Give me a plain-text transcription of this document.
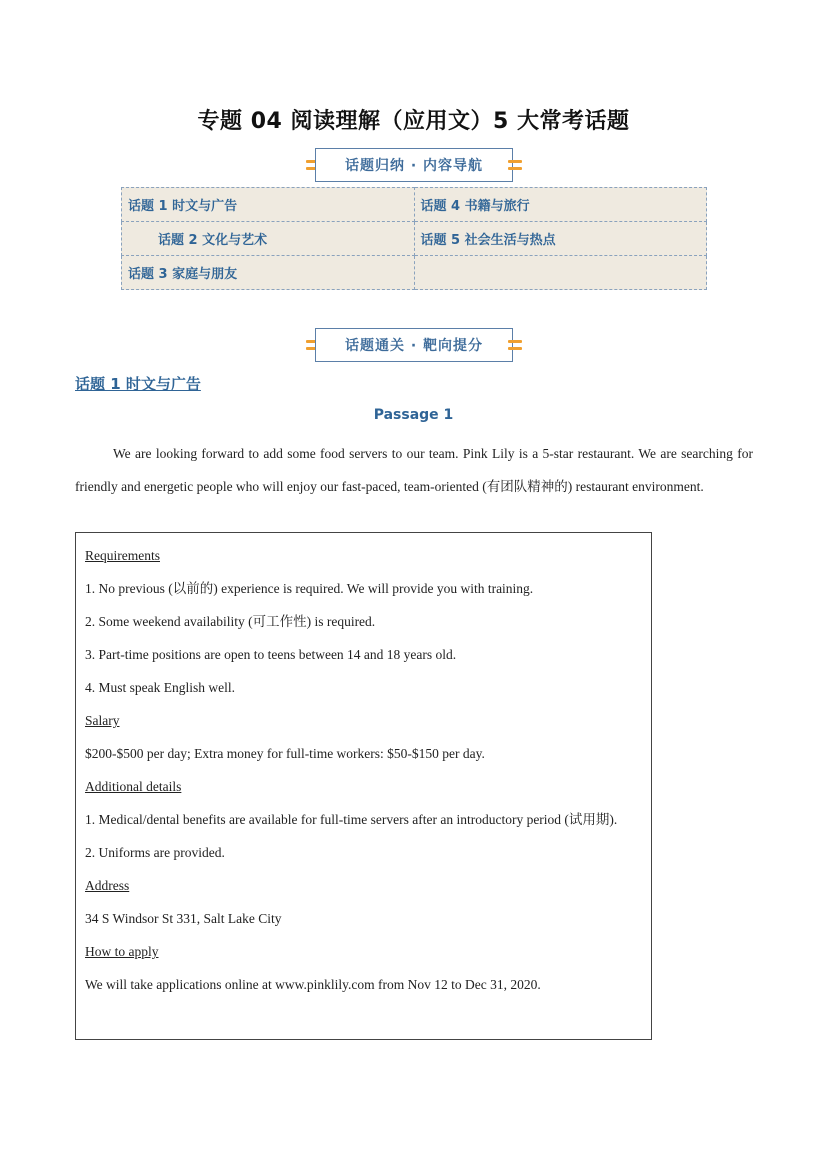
专题 04 阅读理解（应用文）5 大常考话题
话题归纳 · 内容导航
话题 1 时文与广告	话题 4 书籍与旅行
话题 2 文化与艺术	话题 5 社会生活与热点
话题 3 家庭与朋友	
话题通关 · 靶向提分
话题 1 时文与广告
Passage 1

We are looking forward to add some food servers to our team. Pink Lily is a 5-star restaurant. We are searching for friendly and energetic people who will enjoy our fast-paced, team-oriented (有团队精神的) restaurant environment.

Requirements

1. No previous (以前的) experience is required. We will provide you with training.

2. Some weekend availability (可工作性) is required.

3. Part-time positions are open to teens between 14 and 18 years old.

4. Must speak English well.

Salary

$200-$500 per day; Extra money for full-time workers: $50-$150 per day.

Additional details

1. Medical/dental benefits are available for full-time servers after an introductory period (试用期).

2. Uniforms are provided.

Address

34 S Windsor St 331, Salt Lake City

How to apply

We will take applications online at www.pinklily.com from Nov 12 to Dec 31, 2020.
